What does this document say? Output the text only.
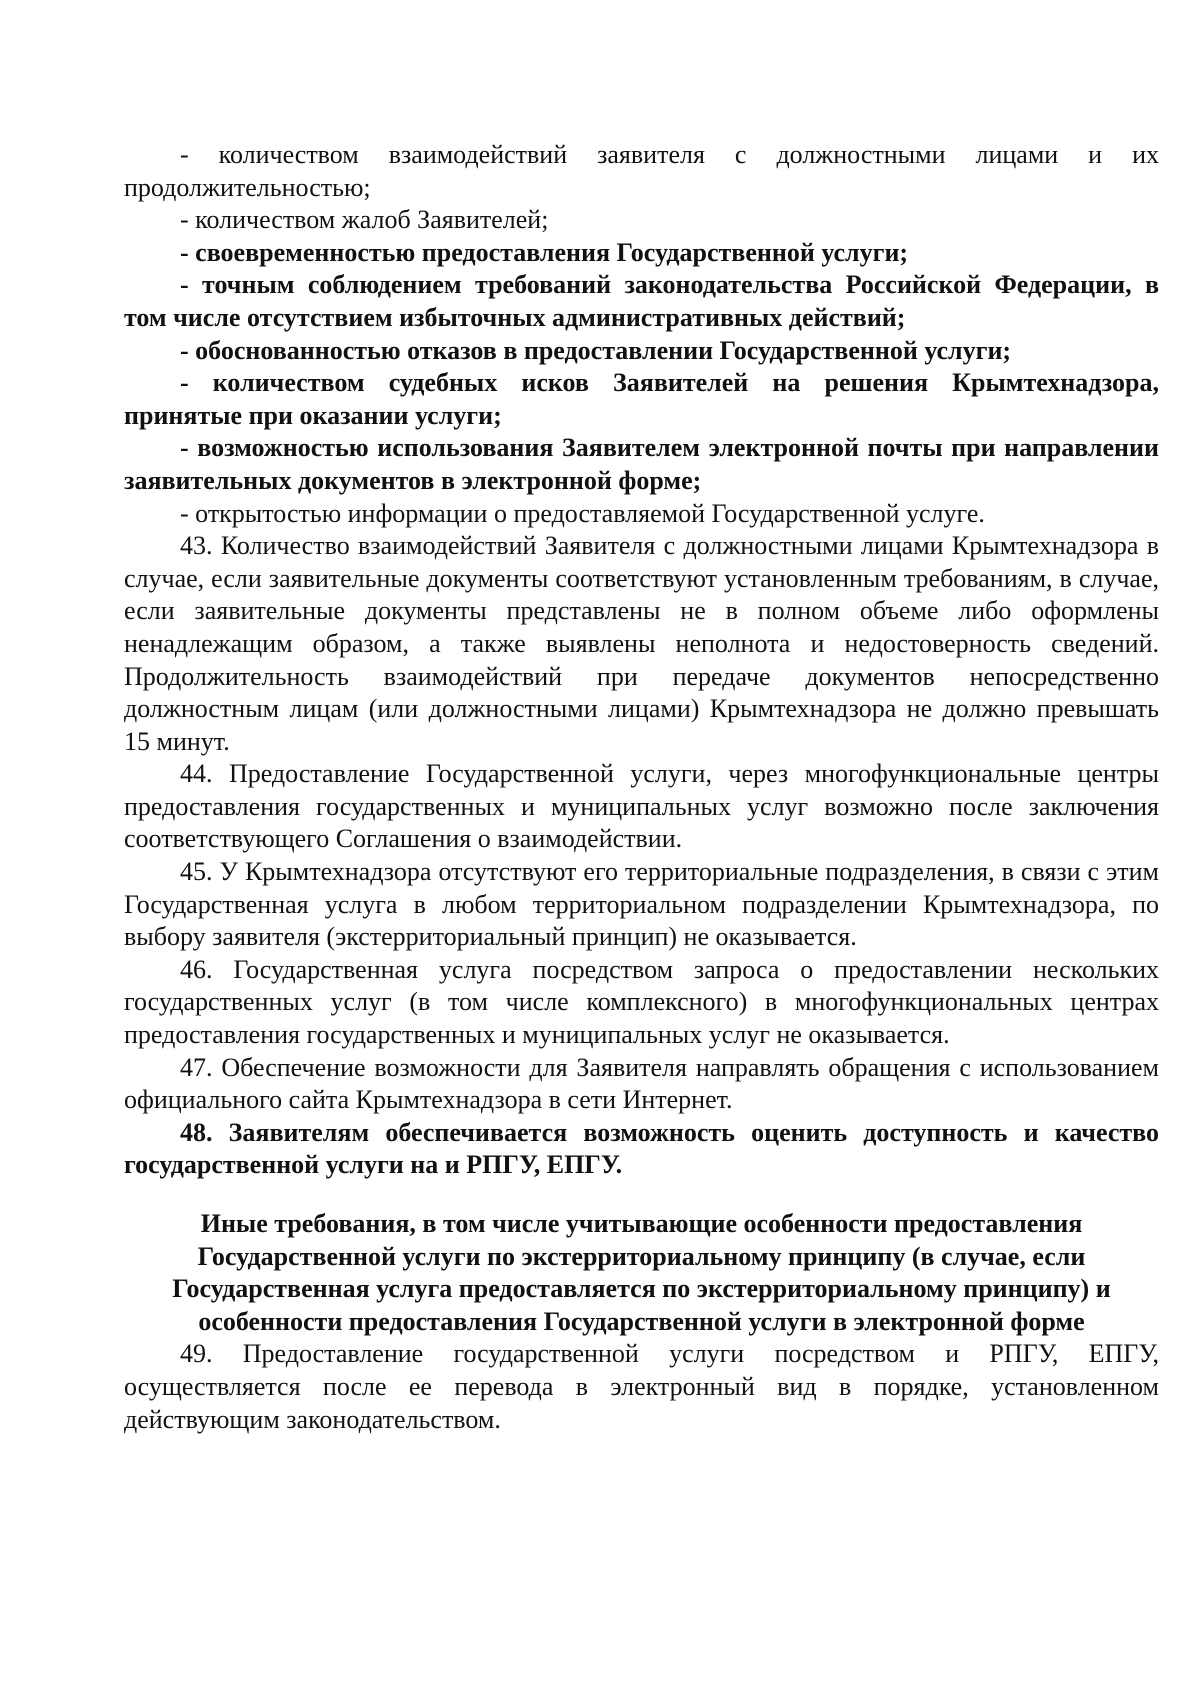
- количеством взаимодействий заявителя с должностными лицами и их продолжительностью;

- количеством жалоб Заявителей;

- своевременностью предоставления Государственной услуги;

- точным соблюдением требований законодательства Российской Федерации, в том числе отсутствием избыточных административных действий;

- обоснованностью отказов в предоставлении Государственной услуги;

- количеством судебных исков Заявителей на решения Крымтехнадзора, принятые при оказании услуги;

- возможностью использования Заявителем электронной почты при направлении заявительных документов в электронной форме;

- открытостью информации о предоставляемой Государственной услуге.

43. Количество взаимодействий Заявителя с должностными лицами Крымтехнадзора в случае, если заявительные документы соответствуют установленным требованиям, в случае, если заявительные документы представлены не в полном объеме либо оформлены ненадлежащим образом, а также выявлены неполнота и недостоверность сведений. Продолжительность взаимодействий при передаче документов непосредственно должностным лицам (или должностными лицами) Крымтехнадзора не должно превышать 15 минут.

44. Предоставление Государственной услуги, через многофункциональные центры предоставления государственных и муниципальных услуг возможно после заключения соответствующего Соглашения о взаимодействии.

45. У Крымтехнадзора отсутствуют его территориальные подразделения, в связи с этим Государственная услуга в любом территориальном подразделении Крымтехнадзора, по выбору заявителя (экстерриториальный принцип) не оказывается.

46. Государственная услуга посредством запроса о предоставлении нескольких государственных услуг (в том числе комплексного) в многофункциональных центрах предоставления государственных и муниципальных услуг не оказывается.

47. Обеспечение возможности для Заявителя направлять обращения с использованием официального сайта Крымтехнадзора в сети Интернет.

48. Заявителям обеспечивается возможность оценить доступность и качество государственной услуги на и РПГУ, ЕПГУ.

Иные требования, в том числе учитывающие особенности предоставления
Государственной услуги по экстерриториальному принципу (в случае, если
Государственная услуга предоставляется по экстерриториальному принципу) и
особенности предоставления Государственной услуги в электронной форме

49. Предоставление государственной услуги посредством и РПГУ, ЕПГУ, осуществляется после ее перевода в электронный вид в порядке, установленном действующим законодательством.
